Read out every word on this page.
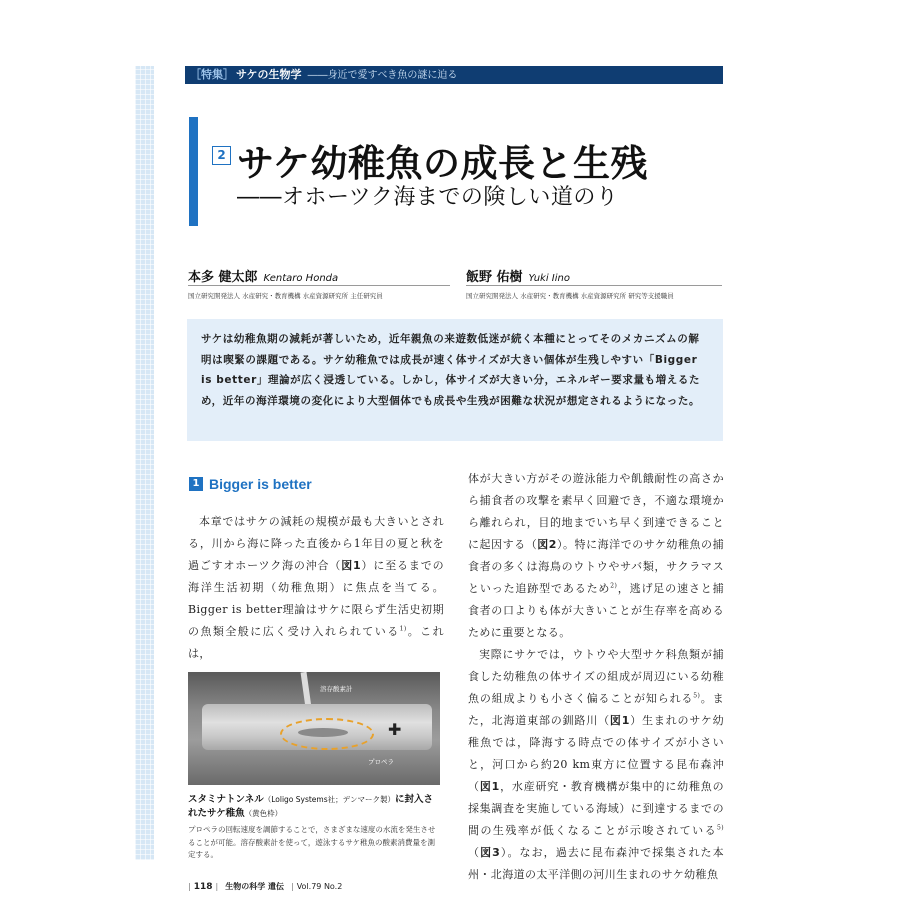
［特集］ サケの生物学 ――身近で愛すべき魚の謎に迫る
2 サケ幼稚魚の成長と生残
――オホーツク海までの険しい道のり
本多 健太郎 Kentaro Honda
国立研究開発法人 水産研究・教育機構 水産資源研究所 主任研究員
飯野 佑樹 Yuki Iino
国立研究開発法人 水産研究・教育機構 水産資源研究所 研究等支援職員
サケは幼稚魚期の減耗が著しいため，近年親魚の来遊数低迷が続く本種にとってそのメカニズムの解明は喫緊の課題である。サケ幼稚魚では成長が速く体サイズが大きい個体が生残しやすい「Bigger is better」理論が広く浸透している。しかし，体サイズが大きい分，エネルギー要求量も増えるため，近年の海洋環境の変化により大型個体でも成長や生残が困難な状況が想定されるようになった。
1 Bigger is better

本章ではサケの減耗の規模が最も大きいとされる，川から海に降った直後から1年目の夏と秋を過ごすオホーツク海の沖合（図1）に至るまでの海洋生活初期（幼稚魚期）に焦点を当てる。Bigger is better理論はサケに限らず生活史初期の魚類全般に広く受け入れられている$^{1)}$。これは，

✚
溶存酸素計
プロペラ
スタミナトンネル（Loligo Systems社；デンマーク製）に封入されたサケ稚魚（黄色枠）
プロペラの回転速度を調節することで，さまざまな速度の水流を発生させることが可能。溶存酸素計を使って，遊泳するサケ稚魚の酸素消費量を測定する。

体が大きい方がその遊泳能力や飢餓耐性の高さから捕食者の攻撃を素早く回避でき，不適な環境から離れられ，目的地までいち早く到達できることに起因する（図2）。特に海洋でのサケ幼稚魚の捕食者の多くは海鳥のウトウやサバ類，サクラマスといった追跡型であるため$^{2)}$，逃げ足の速さと捕食者の口よりも体が大きいことが生存率を高めるために重要となる。

実際にサケでは，ウトウや大型サケ科魚類が捕食した幼稚魚の体サイズの組成が周辺にいる幼稚魚の組成よりも小さく偏ることが知られる$^{5)}$。また，北海道東部の釧路川（図1）生まれのサケ幼稚魚では，降海する時点での体サイズが小さいと，河口から約20 km東方に位置する昆布森沖（図1，水産研究・教育機構が集中的に幼稚魚の採集調査を実施している海域）に到達するまでの間の生残率が低くなることが示唆されている$^{5)}$（図3）。なお，過去に昆布森沖で採集された本州・北海道の太平洋側の河川生まれのサケ幼稚魚

| 118 | 生物の科学 遺伝 | Vol.79 No.2
